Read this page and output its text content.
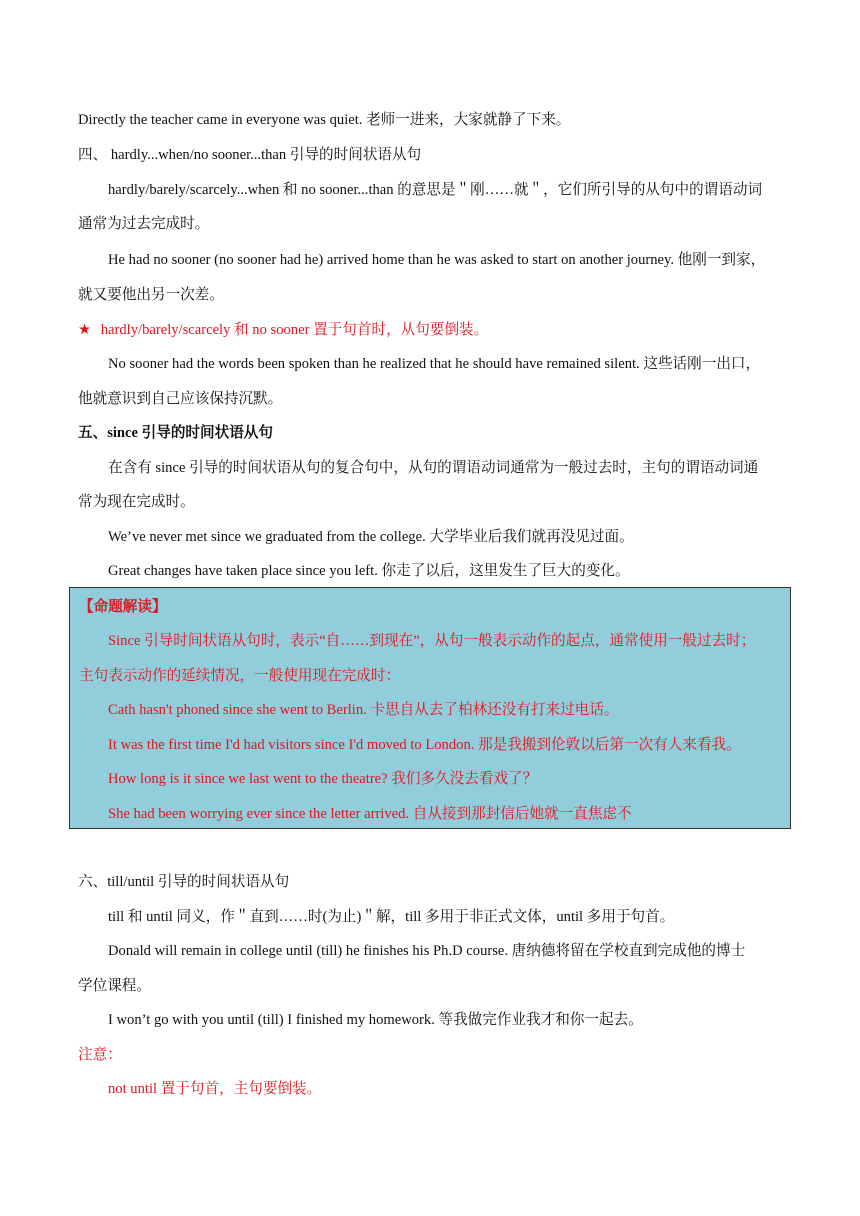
Directly the teacher came in everyone was quiet. 老师一进来，大家就静了下来。
四、 hardly...when/no sooner...than 引导的时间状语从句
hardly/barely/scarcely...when 和 no sooner...than 的意思是＂刚……就＂，它们所引导的从句中的谓语动词
通常为过去完成时。
He had no sooner (no sooner had he) arrived home than he was asked to start on another journey. 他刚一到家，
就又要他出另一次差。
★ hardly/barely/scarcely 和 no sooner 置于句首时，从句要倒装。
No sooner had the words been spoken than he realized that he should have remained silent. 这些话刚一出口，
他就意识到自己应该保持沉默。
五、since 引导的时间状语从句
在含有 since 引导的时间状语从句的复合句中，从句的谓语动词通常为一般过去时，主句的谓语动词通
常为现在完成时。
We’ve never met since we graduated from the college. 大学毕业后我们就再没见过面。
Great changes have taken place since you left. 你走了以后，这里发生了巨大的变化。
【命题解读】
Since 引导时间状语从句时，表示“自……到现在”，从句一般表示动作的起点，通常使用一般过去时；
主句表示动作的延续情况，一般使用现在完成时：
Cath hasn't phoned since she went to Berlin. 卡思自从去了柏林还没有打来过电话。
It was the first time I'd had visitors since I'd moved to London. 那是我搬到伦敦以后第一次有人来看我。
How long is it since we last went to the theatre? 我们多久没去看戏了？
She had been worrying ever since the letter arrived. 自从接到那封信后她就一直焦虑不
六、till/until 引导的时间状语从句
till 和 until 同义，作＂直到……时(为止)＂解，till 多用于非正式文体，until 多用于句首。
Donald will remain in college until (till) he finishes his Ph.D course. 唐纳德将留在学校直到完成他的博士
学位课程。
I won’t go with you until (till) I finished my homework. 等我做完作业我才和你一起去。
注意：
not until 置于句首，主句要倒装。
